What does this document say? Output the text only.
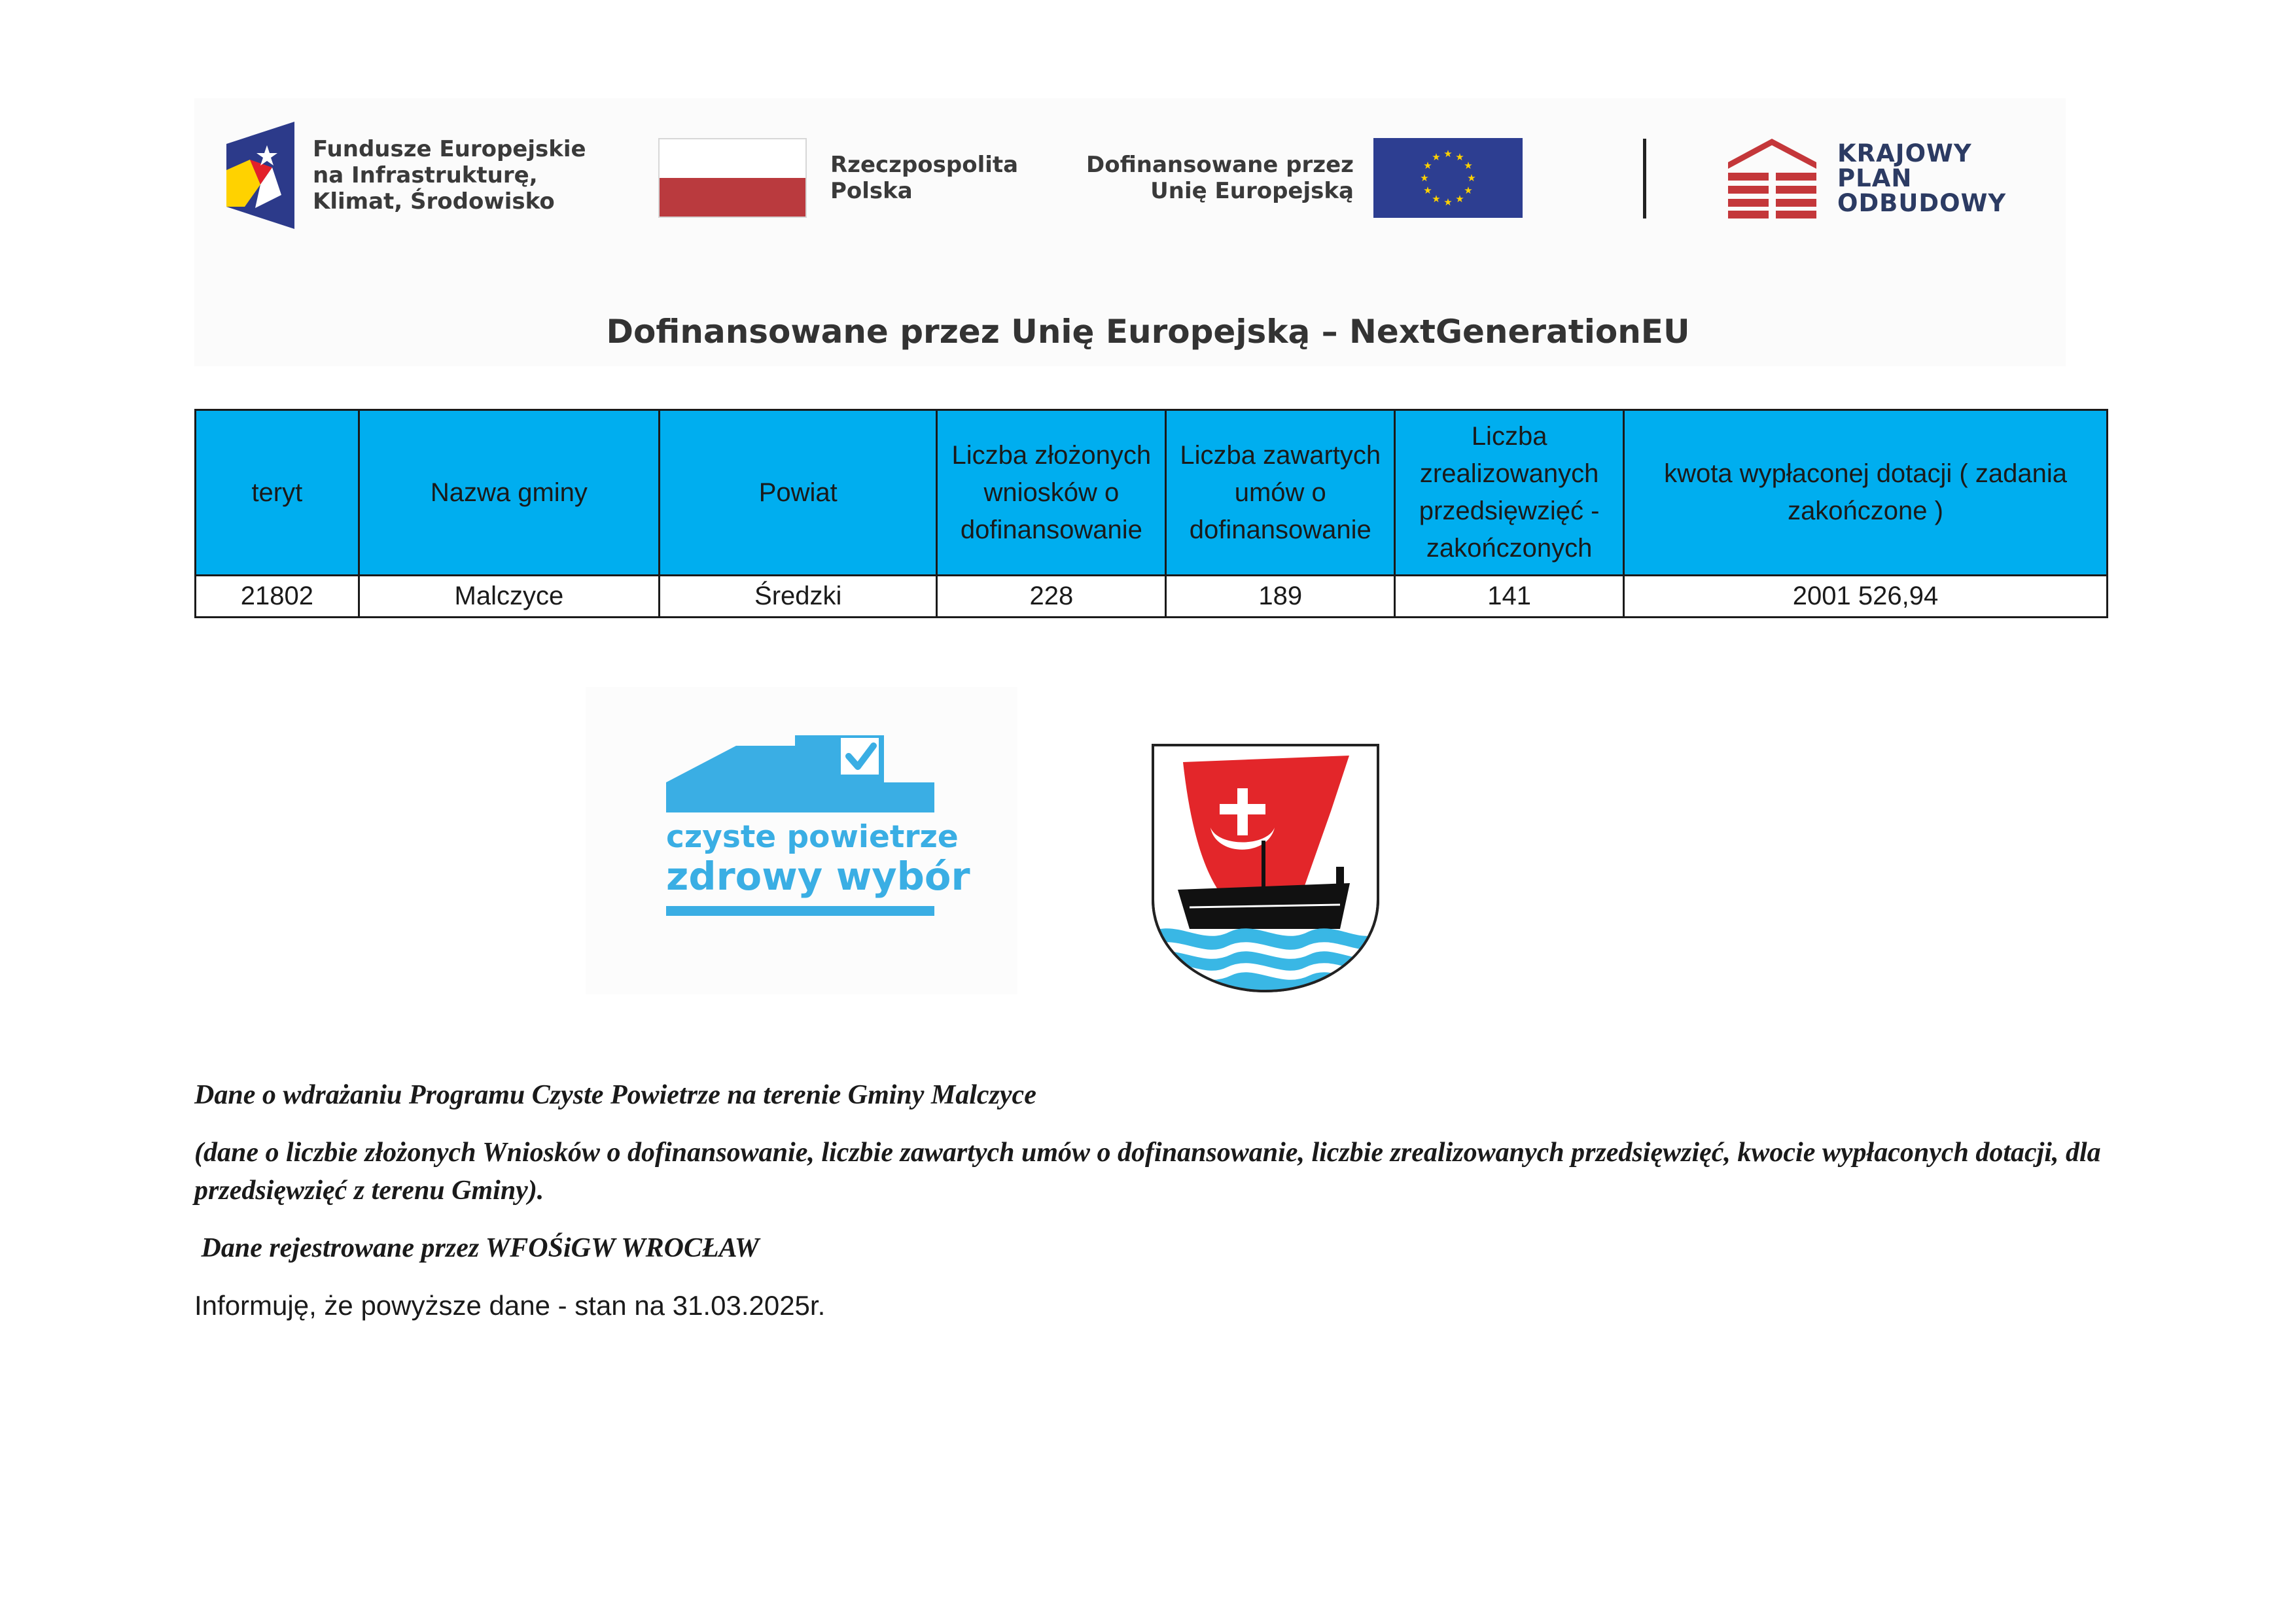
Fundusze Europejskie
na Infrastrukturę,
Klimat, Środowisko
Rzeczpospolita
Polska
Dofinansowane przez
Unię Europejską
★ ★
★
★
★
★
★
★
★
★
★
★	KRAJOWY
PLAN
ODBUDOWY
Dofinansowane przez Unię Europejską – NextGenerationEU
teryt	Nazwa gminy	Powiat	Liczba złożonych wniosków o dofinansowanie	Liczba zawartych umów o dofinansowanie	Liczba zrealizowanych przedsięwzięć - zakończonych	kwota wypłaconej dotacji ( zadania zakończone )
21802	Malczyce	Średzki	228	189	141	2001 526,94
czyste powietrze
zdrowy wybór

Dane o wdrażaniu Programu Czyste Powietrze na terenie Gminy Malczyce

(dane o liczbie złożonych Wniosków o dofinansowanie, liczbie zawartych umów o dofinansowanie, liczbie zrealizowanych przedsięwzięć, kwocie wypłaconych dotacji, dla przedsięwzięć z terenu Gminy).

Dane rejestrowane przez WFOŚiGW WROCŁAW

Informuję, że powyższe dane - stan na 31.03.2025r.
